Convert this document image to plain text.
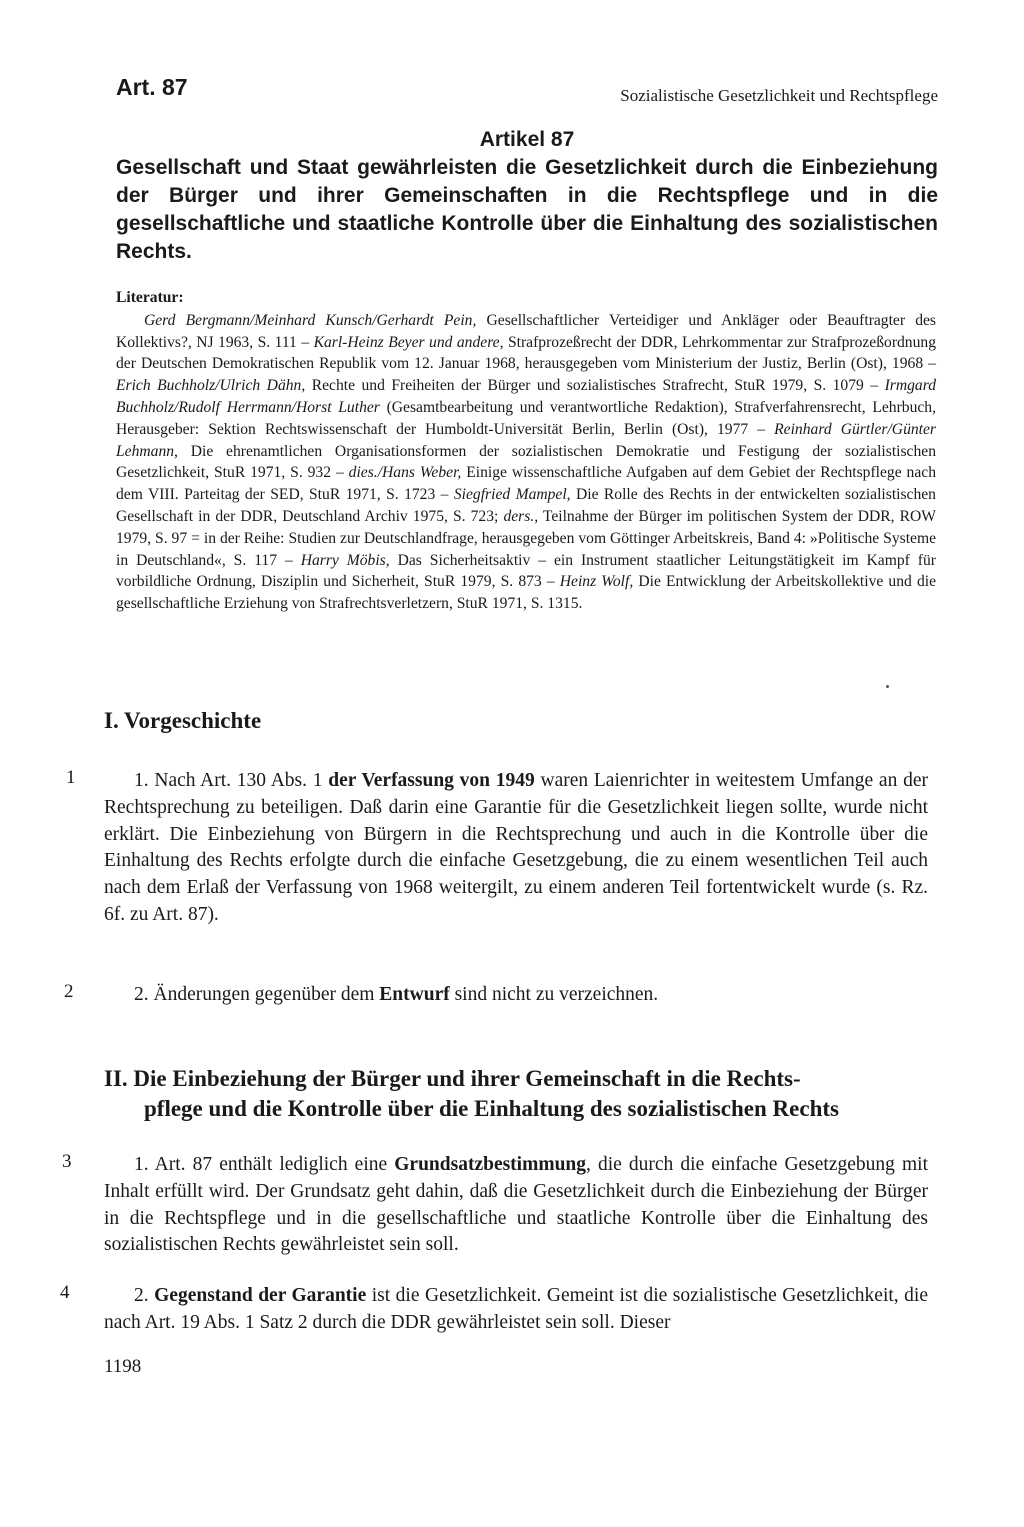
Art. 87	Sozialistische Gesetzlichkeit und Rechtspflege
Artikel 87
Gesellschaft und Staat gewährleisten die Gesetzlichkeit durch die Einbeziehung der Bürger und ihrer Gemeinschaften in die Rechtspflege und in die gesellschaftliche und staatliche Kontrolle über die Einhaltung des sozialistischen Rechts.
Literatur:
Gerd Bergmann/Meinhard Kunsch/Gerhardt Pein, Gesellschaftlicher Verteidiger und Ankläger oder Beauftragter des Kollektivs?, NJ 1963, S. 111 – Karl-Heinz Beyer und andere, Strafprozeßrecht der DDR, Lehrkommentar zur Strafprozeßordnung der Deutschen Demokratischen Republik vom 12. Januar 1968, herausgegeben vom Ministerium der Justiz, Berlin (Ost), 1968 – Erich Buchholz/Ulrich Dähn, Rechte und Freiheiten der Bürger und sozialistisches Strafrecht, StuR 1979, S. 1079 – Irmgard Buchholz/Rudolf Herrmann/Horst Luther (Gesamtbearbeitung und verantwortliche Redaktion), Strafverfahrensrecht, Lehrbuch, Herausgeber: Sektion Rechtswissenschaft der Humboldt-Universität Berlin, Berlin (Ost), 1977 – Reinhard Gürtler/Günter Lehmann, Die ehrenamtlichen Organisationsformen der sozialistischen Demokratie und Festigung der sozialistischen Gesetzlichkeit, StuR 1971, S. 932 – dies./Hans Weber, Einige wissenschaftliche Aufgaben auf dem Gebiet der Rechtspflege nach dem VIII. Parteitag der SED, StuR 1971, S. 1723 – Siegfried Mampel, Die Rolle des Rechts in der entwickelten sozialistischen Gesellschaft in der DDR, Deutschland Archiv 1975, S. 723; ders., Teilnahme der Bürger im politischen System der DDR, ROW 1979, S. 97 = in der Reihe: Studien zur Deutschlandfrage, herausgegeben vom Göttinger Arbeitskreis, Band 4: »Politische Systeme in Deutschland«, S. 117 – Harry Möbis, Das Sicherheitsaktiv – ein Instrument staatlicher Leitungstätigkeit im Kampf für vorbildliche Ordnung, Disziplin und Sicherheit, StuR 1979, S. 873 – Heinz Wolf, Die Entwicklung der Arbeitskollektive und die gesellschaftliche Erziehung von Strafrechtsverletzern, StuR 1971, S. 1315.
I. Vorgeschichte
1	1. Nach Art. 130 Abs. 1 der Verfassung von 1949 waren Laienrichter in weitestem Umfange an der Rechtsprechung zu beteiligen. Daß darin eine Garantie für die Gesetzlichkeit liegen sollte, wurde nicht erklärt. Die Einbeziehung von Bürgern in die Rechtsprechung und auch in die Kontrolle über die Einhaltung des Rechts erfolgte durch die einfache Gesetzgebung, die zu einem wesentlichen Teil auch nach dem Erlaß der Verfassung von 1968 weitergilt, zu einem anderen Teil fortentwickelt wurde (s. Rz. 6f. zu Art. 87).
2	2. Änderungen gegenüber dem Entwurf sind nicht zu verzeichnen.
II. Die Einbeziehung der Bürger und ihrer Gemeinschaft in die Rechts-
pflege und die Kontrolle über die Einhaltung des sozialistischen Rechts
3	1. Art. 87 enthält lediglich eine Grundsatzbestimmung, die durch die einfache Gesetzgebung mit Inhalt erfüllt wird. Der Grundsatz geht dahin, daß die Gesetzlichkeit durch die Einbeziehung der Bürger in die Rechtspflege und in die gesellschaftliche und staatliche Kontrolle über die Einhaltung des sozialistischen Rechts gewährleistet sein soll.
4	2. Gegenstand der Garantie ist die Gesetzlichkeit. Gemeint ist die sozialistische Gesetzlichkeit, die nach Art. 19 Abs. 1 Satz 2 durch die DDR gewährleistet sein soll. Dieser
1198
